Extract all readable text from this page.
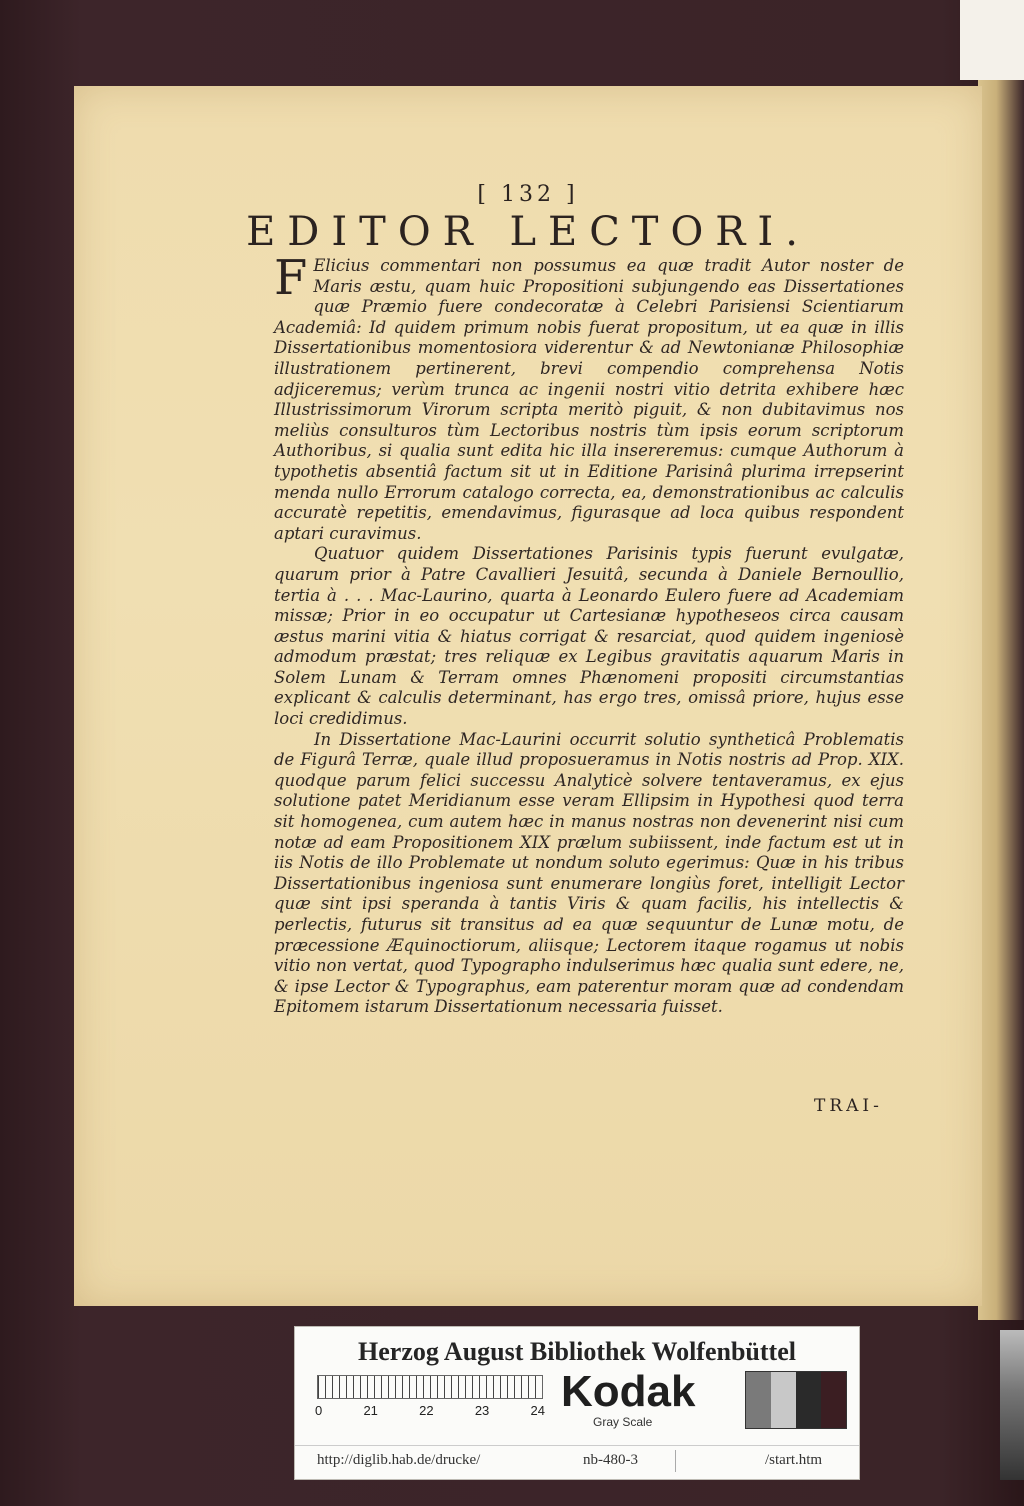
[ 132 ]
EDITOR LECTORI.

F Elicius commentari non possumus ea quæ tradit Autor noster de Maris æstu, quam huic Propositioni subjungendo eas Dissertationes quæ Præmio fuere condecoratæ à Celebri Parisiensi Scientiarum Academiâ: Id quidem primum nobis fuerat propositum, ut ea quæ in illis Dissertationibus momentosiora viderentur & ad Newtonianæ Philosophiæ illustrationem pertinerent, brevi compendio comprehensa Notis adjiceremus; verùm trunca ac ingenii nostri vitio detrita exhibere hæc Illustrissimorum Virorum scripta meritò piguit, & non dubitavimus nos meliùs consulturos tùm Lectoribus nostris tùm ipsis eorum scriptorum Authoribus, si qualia sunt edita hic illa insereremus: cumque Authorum à typothetis absentiâ factum sit ut in Editione Parisinâ plurima irrepserint menda nullo Errorum catalogo correcta, ea, demonstrationibus ac calculis accuratè repetitis, emendavimus, figurasque ad loca quibus respondent aptari curavimus.

Quatuor quidem Dissertationes Parisinis typis fuerunt evulgatæ, quarum prior à Patre Cavallieri Jesuitâ, secunda à Daniele Bernoullio, tertia à . . . Mac-Laurino, quarta à Leonardo Eulero fuere ad Academiam missæ; Prior in eo occupatur ut Cartesianæ hypotheseos circa causam æstus marini vitia & hiatus corrigat & resarciat, quod quidem ingeniosè admodum præstat; tres reliquæ ex Legibus gravitatis aquarum Maris in Solem Lunam & Terram omnes Phænomeni propositi circumstantias explicant & calculis determinant, has ergo tres, omissâ priore, hujus esse loci credidimus.

In Dissertatione Mac-Laurini occurrit solutio syntheticâ Problematis de Figurâ Terræ, quale illud proposueramus in Notis nostris ad Prop. XIX. quodque parum felici successu Analyticè solvere tentaveramus, ex ejus solutione patet Meridianum esse veram Ellipsim in Hypothesi quod terra sit homogenea, cum autem hæc in manus nostras non devenerint nisi cum notæ ad eam Propositionem XIX prælum subiissent, inde factum est ut in iis Notis de illo Problemate ut nondum soluto egerimus: Quæ in his tribus Dissertationibus ingeniosa sunt enumerare longiùs foret, intelligit Lector quæ sint ipsi speranda à tantis Viris & quam facilis, his intellectis & perlectis, futurus sit transitus ad ea quæ sequuntur de Lunæ motu, de præcessione Æquinoctiorum, aliisque; Lectorem itaque rogamus ut nobis vitio non vertat, quod Typographo indulserimus hæc qualia sunt edere, ne, & ipse Lector & Typographus, eam paterentur moram quæ ad condendam Epitomem istarum Dissertationum necessaria fuisset.

TRAI-
Herzog August Bibliothek Wolfenbüttel
0	21	22	23	24 Kodak
Gray Scale
http://diglib.hab.de/drucke/	nb-480-3	/start.htm
